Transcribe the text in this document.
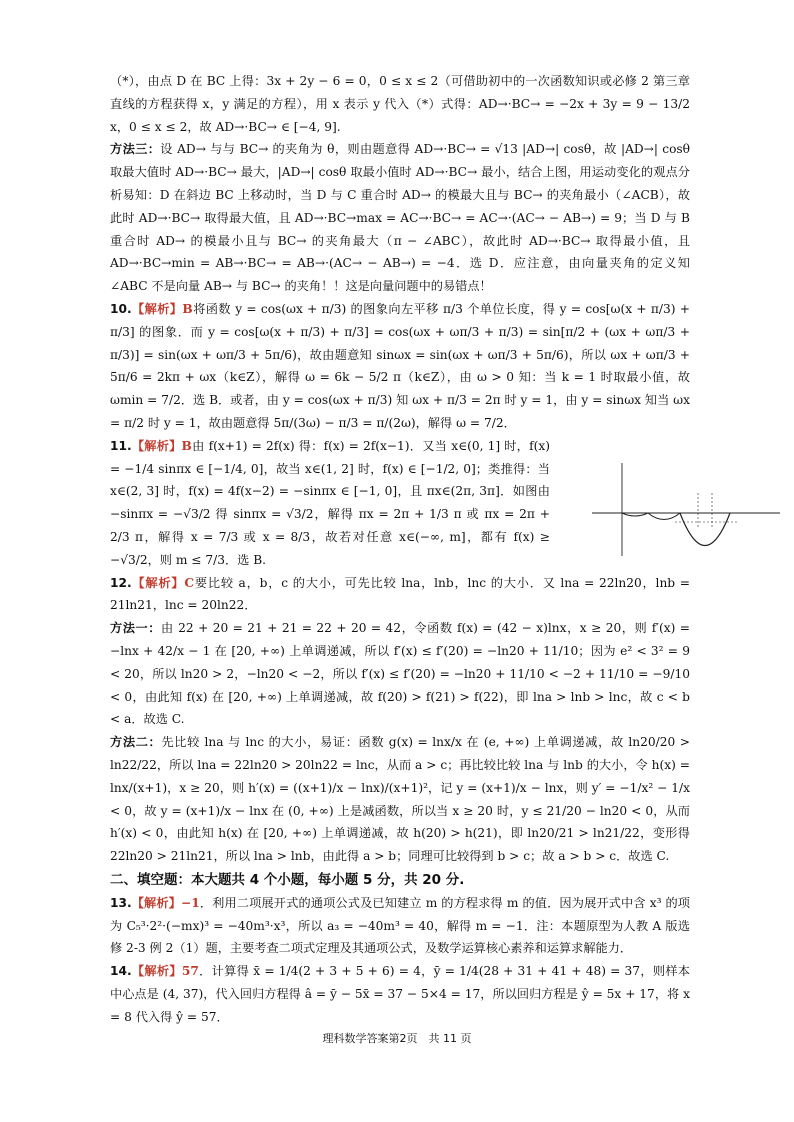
（*），由点 D 在 BC 上得：3x + 2y − 6 = 0，0 ≤ x ≤ 2（可借助初中的一次函数知识或必修 2 第三章直线的方程获得 x，y 满足的方程），用 x 表示 y 代入（*）式得：AD→·BC→ = −2x + 3y = 9 − 13/2 x，0 ≤ x ≤ 2，故 AD→·BC→ ∈ [−4, 9].

方法三：设 AD→ 与与 BC→ 的夹角为 θ，则由题意得 AD→·BC→ = √13 |AD→| cosθ，故 |AD→| cosθ 取最大值时 AD→·BC→ 最大，|AD→| cosθ 取最小值时 AD→·BC→ 最小，结合上图，用运动变化的观点分析易知：D 在斜边 BC 上移动时，当 D 与 C 重合时 AD→ 的模最大且与 BC→ 的夹角最小（∠ACB），故此时 AD→·BC→ 取得最大值，且 AD→·BC→max = AC→·BC→ = AC→·(AC→ − AB→) = 9；当 D 与 B 重合时 AD→ 的模最小且与 BC→ 的夹角最大（π − ∠ABC），故此时 AD→·BC→ 取得最小值，且 AD→·BC→min = AB→·BC→ = AB→·(AC→ − AB→) = −4．选 D．应注意，由向量夹角的定义知 ∠ABC 不是向量 AB→ 与 BC→ 的夹角！！这是向量问题中的易错点！

10.【解析】B将函数 y = cos(ωx + π/3) 的图象向左平移 π/3 个单位长度，得 y = cos[ω(x + π/3) + π/3] 的图象．而 y = cos[ω(x + π/3) + π/3] = cos(ωx + ωπ/3 + π/3) = sin[π/2 + (ωx + ωπ/3 + π/3)] = sin(ωx + ωπ/3 + 5π/6)，故由题意知 sinωx = sin(ωx + ωπ/3 + 5π/6)，所以 ωx + ωπ/3 + 5π/6 = 2kπ + ωx（k∈Z），解得 ω = 6k − 5/2 π（k∈Z），由 ω > 0 知：当 k = 1 时取最小值，故 ωmin = 7/2．选 B．或者，由 y = cos(ωx + π/3) 知 ωx + π/3 = 2π 时 y = 1，由 y = sinωx 知当 ωx = π/2 时 y = 1，故由题意得 5π/(3ω) − π/3 = π/(2ω)，解得 ω = 7/2．

11.【解析】B由 f(x+1) = 2f(x) 得：f(x) = 2f(x−1)．又当 x∈(0, 1] 时，f(x) = −1/4 sinπx ∈ [−1/4, 0]，故当 x∈(1, 2] 时，f(x) ∈ [−1/2, 0]；类推得：当 x∈(2, 3] 时，f(x) = 4f(x−2) = −sinπx ∈ [−1, 0]，且 πx∈(2π, 3π]．如图由 −sinπx = −√3/2 得 sinπx = √3/2，解得 πx = 2π + 1/3 π 或 πx = 2π + 2/3 π，解得 x = 7/3 或 x = 8/3，故若对任意 x∈(−∞, m]，都有 f(x) ≥ −√3/2，则 m ≤ 7/3．选 B.

12.【解析】C要比较 a，b，c 的大小，可先比较 lna，lnb，lnc 的大小．又 lna = 22ln20，lnb = 21ln21，lnc = 20ln22．

方法一：由 22 + 20 = 21 + 21 = 22 + 20 = 42，令函数 f(x) = (42 − x)lnx，x ≥ 20，则 f′(x) = −lnx + 42/x − 1 在 [20, +∞) 上单调递减，所以 f′(x) ≤ f′(20) = −ln20 + 11/10；因为 e² < 3² = 9 < 20，所以 ln20 > 2，−ln20 < −2，所以 f′(x) ≤ f′(20) = −ln20 + 11/10 < −2 + 11/10 = −9/10 < 0，由此知 f(x) 在 [20, +∞) 上单调递减，故 f(20) > f(21) > f(22)，即 lna > lnb > lnc，故 c < b < a．故选 C.

方法二：先比较 lna 与 lnc 的大小，易证：函数 g(x) = lnx/x 在 (e, +∞) 上单调递减，故 ln20/20 > ln22/22，所以 lna = 22ln20 > 20ln22 = lnc，从而 a > c；再比较比较 lna 与 lnb 的大小，令 h(x) = lnx/(x+1)，x ≥ 20，则 h′(x) = ((x+1)/x − lnx)/(x+1)²，记 y = (x+1)/x − lnx，则 y′ = −1/x² − 1/x < 0，故 y = (x+1)/x − lnx 在 (0, +∞) 上是减函数，所以当 x ≥ 20 时，y ≤ 21/20 − ln20 < 0，从而 h′(x) < 0，由此知 h(x) 在 [20, +∞) 上单调递减，故 h(20) > h(21)，即 ln20/21 > ln21/22，变形得 22ln20 > 21ln21，所以 lna > lnb，由此得 a > b；同理可比较得到 b > c；故 a > b > c．故选 C.

二、填空题：本大题共 4 个小题，每小题 5 分，共 20 分.

13.【解析】−1．利用二项展开式的通项公式及已知建立 m 的方程求得 m 的值．因为展开式中含 x³ 的项为 C₅³·2²·(−mx)³ = −40m³·x³，所以 a₃ = −40m³ = 40，解得 m = −1．注：本题原型为人教 A 版选修 2-3 例 2（1）题，主要考查二项式定理及其通项公式，及数学运算核心素养和运算求解能力．

14.【解析】57．计算得 x̄ = 1/4(2 + 3 + 5 + 6) = 4，ȳ = 1/4(28 + 31 + 41 + 48) = 37，则样本中心点是 (4, 37)，代入回归方程得 â = ȳ − 5x̄ = 37 − 5×4 = 17，所以回归方程是 ŷ = 5x + 17，将 x = 8 代入得 ŷ = 57．

理科数学答案第2页　共 11 页
